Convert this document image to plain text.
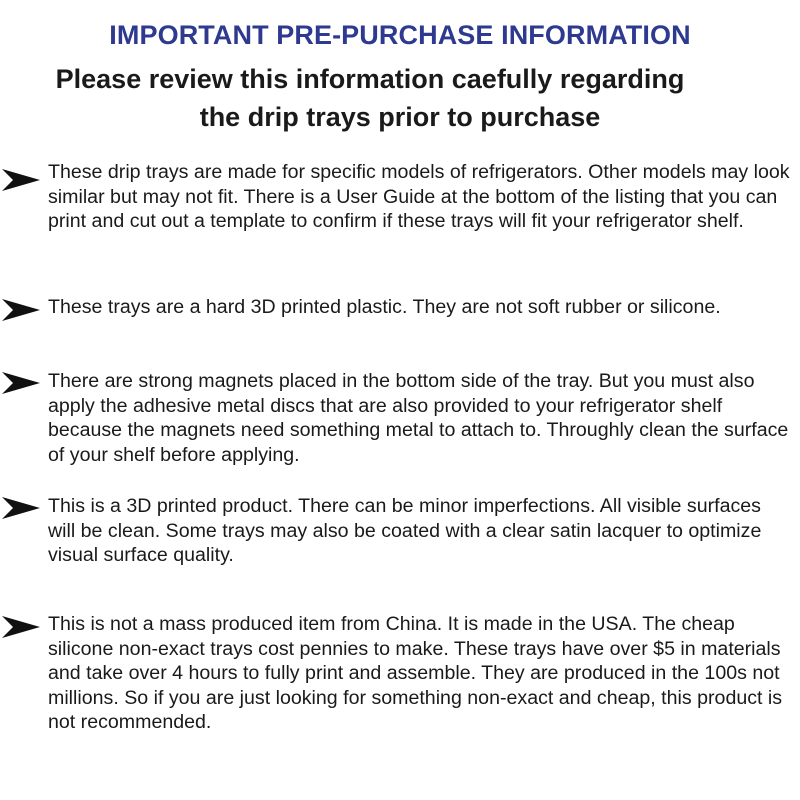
IMPORTANT PRE-PURCHASE INFORMATION
Please review this information caefully regarding
the drip trays prior to purchase

These drip trays are made for specific models of refrigerators. Other models may look similar but may not fit. There is a User Guide at the bottom of the listing that you can print and cut out a template to confirm if these trays will fit your refrigerator shelf.

These trays are a hard 3D printed plastic. They are not soft rubber or silicone.

There are strong magnets placed in the bottom side of the tray. But you must also apply the adhesive metal discs that are also provided to your refrigerator shelf because the magnets need something metal to attach to. Throughly clean the surface of your shelf before applying.

This is a 3D printed product. There can be minor imperfections. All visible surfaces will be clean. Some trays may also be coated with a clear satin lacquer to optimize visual surface quality.

This is not a mass produced item from China. It is made in the USA. The cheap silicone non-exact trays cost pennies to make. These trays have over $5 in materials and take over 4 hours to fully print and assemble. They are produced in the 100s not millions. So if you are just looking for something non-exact and cheap, this product is not recommended.
